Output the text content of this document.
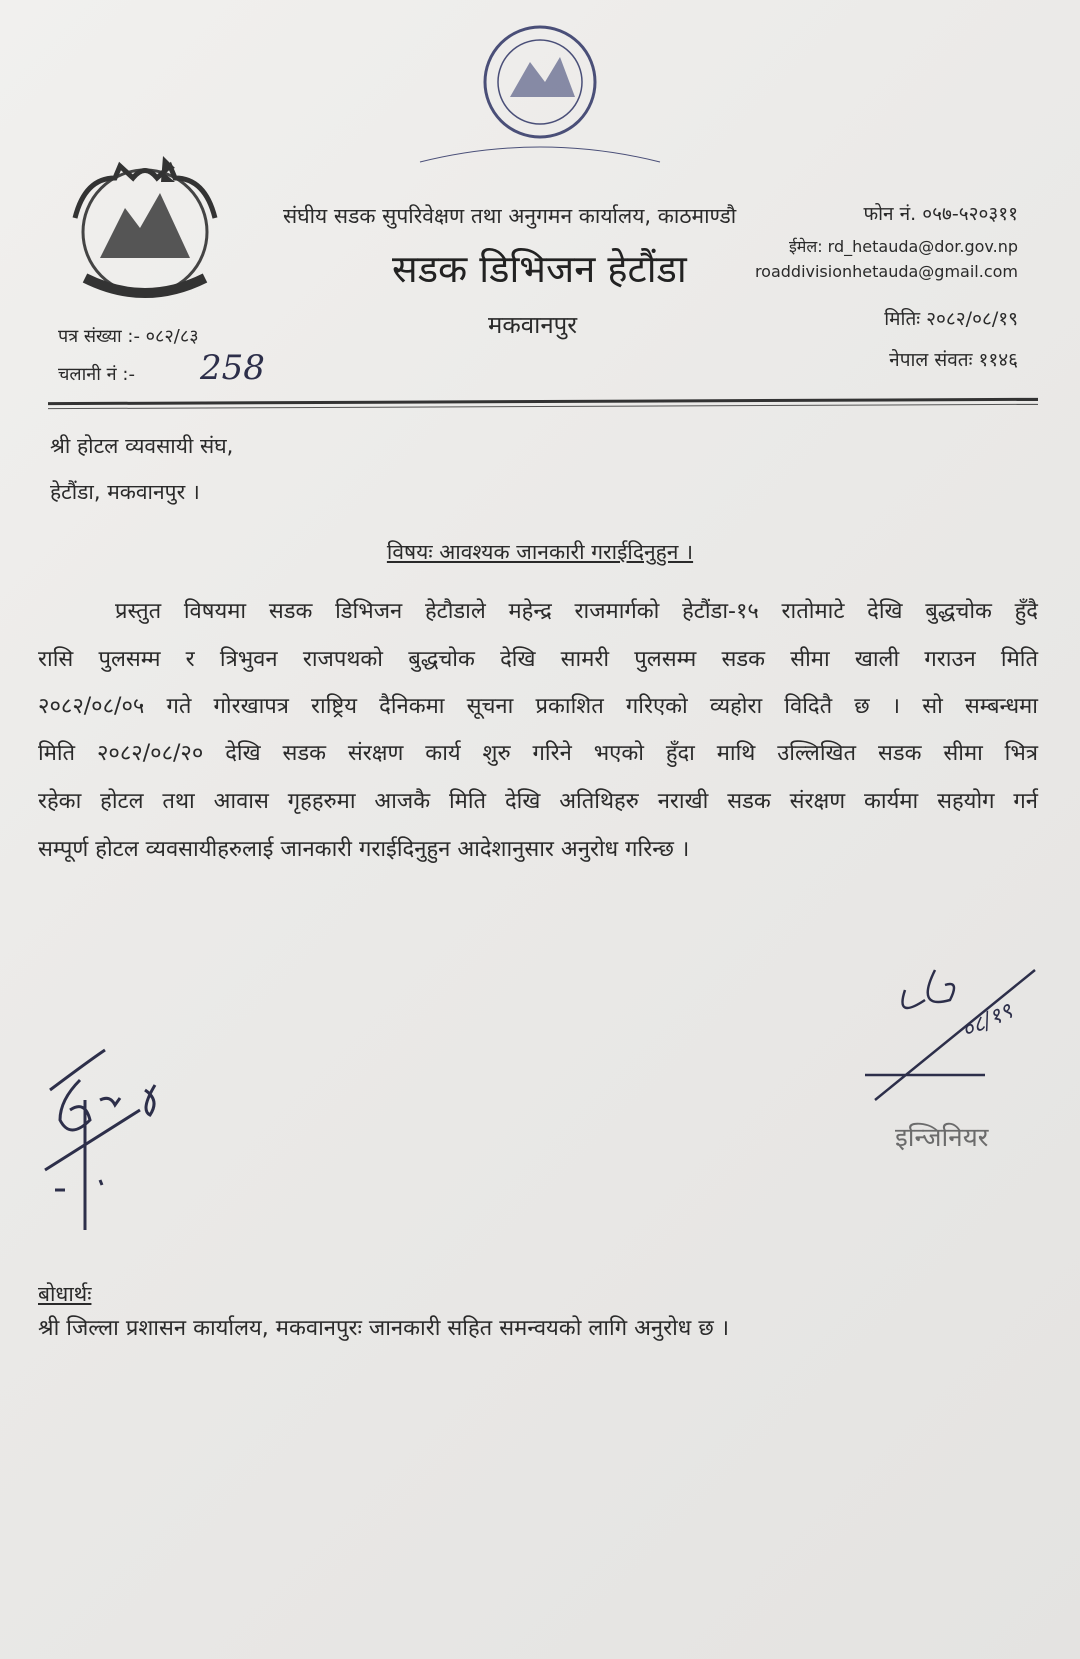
संघीय सडक सुपरिवेक्षण तथा अनुगमन कार्यालय, काठमाण्डौ	फोन नं. ०५७-५२०३११
सडक डिभिजन हेटौंडा
ईमेल: rd_hetauda@dor.gov.np
roaddivisionhetauda@gmail.com
मकवानपुर	मितिः २०८२/०८/१९
नेपाल संवतः ११४६
पत्र संख्या :- ०८२/८३
चलानी नं :- 258
श्री होटल व्यवसायी संघ,
हेटौंडा, मकवानपुर ।
विषयः आवश्यक जानकारी गराईदिनुहुन ।
प्रस्तुत विषयमा सडक डिभिजन हेटौडाले महेन्द्र राजमार्गको हेटौंडा-१५ रातोमाटे देखि बुद्धचोक हुँदै
रासि पुलसम्म र त्रिभुवन राजपथको बुद्धचोक देखि सामरी पुलसम्म सडक सीमा खाली गराउन मिति
२०८२/०८/०५ गते गोरखापत्र राष्ट्रिय दैनिकमा सूचना प्रकाशित गरिएको व्यहोरा विदितै छ । सो सम्बन्धमा
मिति २०८२/०८/२० देखि सडक संरक्षण कार्य शुरु गरिने भएको हुँदा माथि उल्लिखित सडक सीमा भित्र
रहेका होटल तथा आवास गृहहरुमा आजकै मिति देखि अतिथिहरु नराखी सडक संरक्षण कार्यमा सहयोग गर्न
सम्पूर्ण होटल व्यवसायीहरुलाई जानकारी गराईदिनुहुन आदेशानुसार अनुरोध गरिन्छ ।
०८/१९
इन्जिनियर
बोधार्थः
श्री जिल्ला प्रशासन कार्यालय, मकवानपुरः जानकारी सहित समन्वयको लागि अनुरोध छ ।
